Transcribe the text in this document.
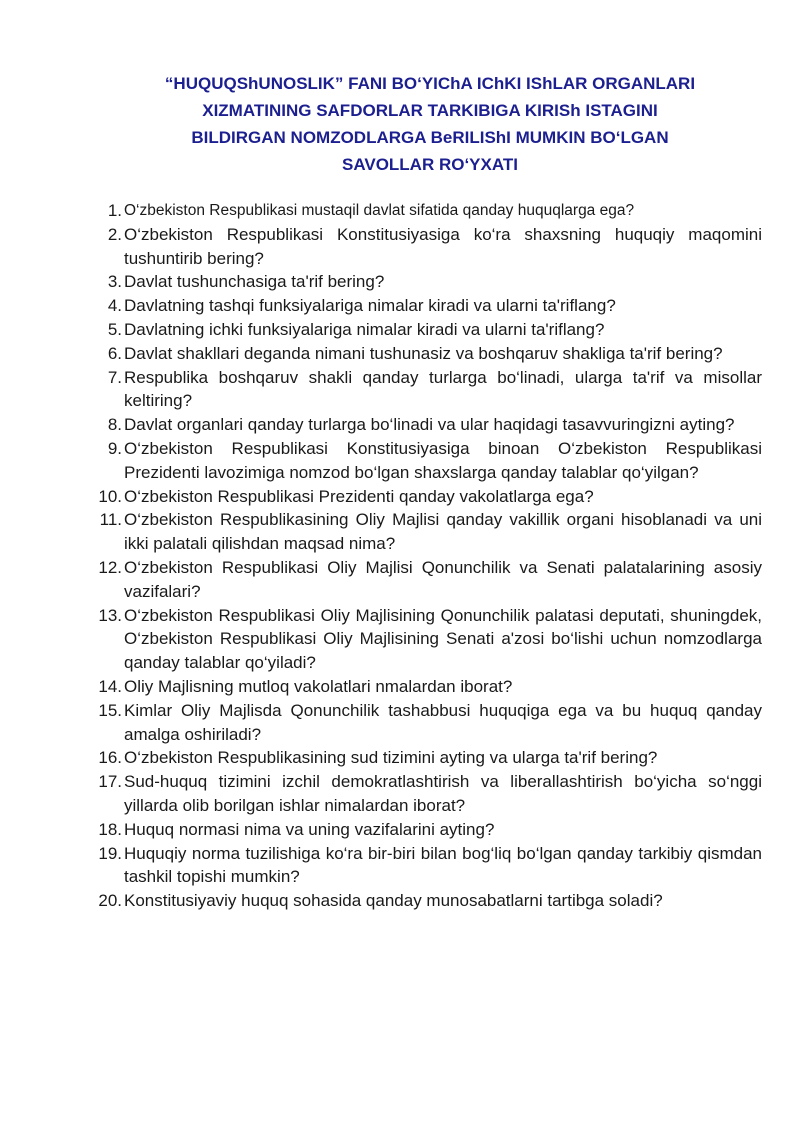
“HUQUQShUNOSLIK” FANI BO‘YIChA IChKI IShLAR ORGANLARI
XIZMATINING SAFDORLAR TARKIBIGA KIRISh ISTAGINI
BILDIRGAN NOMZODLARGA BeRILIShI MUMKIN BO‘LGAN
SAVOLLAR RO‘YXATI
1. O‘zbekiston Respublikasi mustaqil davlat sifatida qanday huquqlarga ega?
2. O‘zbekiston Respublikasi Konstitusiyasiga ko‘ra shaxsning huquqiy maqomini tushuntirib bering?
3. Davlat tushunchasiga ta'rif bering?
4. Davlatning tashqi funksiyalariga nimalar kiradi va ularni ta'riflang?
5. Davlatning ichki funksiyalariga nimalar kiradi va ularni ta'riflang?
6. Davlat shakllari deganda nimani tushunasiz va boshqaruv shakliga ta'rif bering?
7. Respublika boshqaruv shakli qanday turlarga bo‘linadi, ularga ta'rif va misollar keltiring?
8. Davlat organlari qanday turlarga bo‘linadi va ular haqidagi tasavvuringizni ayting?
9. O‘zbekiston Respublikasi Konstitusiyasiga binoan O‘zbekiston Respublikasi Prezidenti lavozimiga nomzod bo‘lgan shaxslarga qanday talablar qo‘yilgan?
10. O‘zbekiston Respublikasi Prezidenti qanday vakolatlarga ega?
11. O‘zbekiston Respublikasining Oliy Majlisi qanday vakillik organi hisoblanadi va uni ikki palatali qilishdan maqsad nima?
12. O‘zbekiston Respublikasi Oliy Majlisi Qonunchilik va Senati palatalarining asosiy vazifalari?
13. O‘zbekiston Respublikasi Oliy Majlisining Qonunchilik palatasi deputati, shuningdek, O‘zbekiston Respublikasi Oliy Majlisining Senati a'zosi bo‘lishi uchun nomzodlarga qanday talablar qo‘yiladi?
14. Oliy Majlisning mutloq vakolatlari nmalardan iborat?
15. Kimlar Oliy Majlisda Qonunchilik tashabbusi huquqiga ega va bu huquq qanday amalga oshiriladi?
16. O‘zbekiston Respublikasining sud tizimini ayting va ularga ta'rif bering?
17. Sud-huquq tizimini izchil demokratlashtirish va liberallashtirish bo‘yicha so‘nggi yillarda olib borilgan ishlar nimalardan iborat?
18. Huquq normasi nima va uning vazifalarini ayting?
19. Huquqiy norma tuzilishiga ko‘ra bir-biri bilan bog‘liq bo‘lgan qanday tarkibiy qismdan tashkil topishi mumkin?
20. Konstitusiyaviy huquq sohasida qanday munosabatlarni tartibga soladi?
